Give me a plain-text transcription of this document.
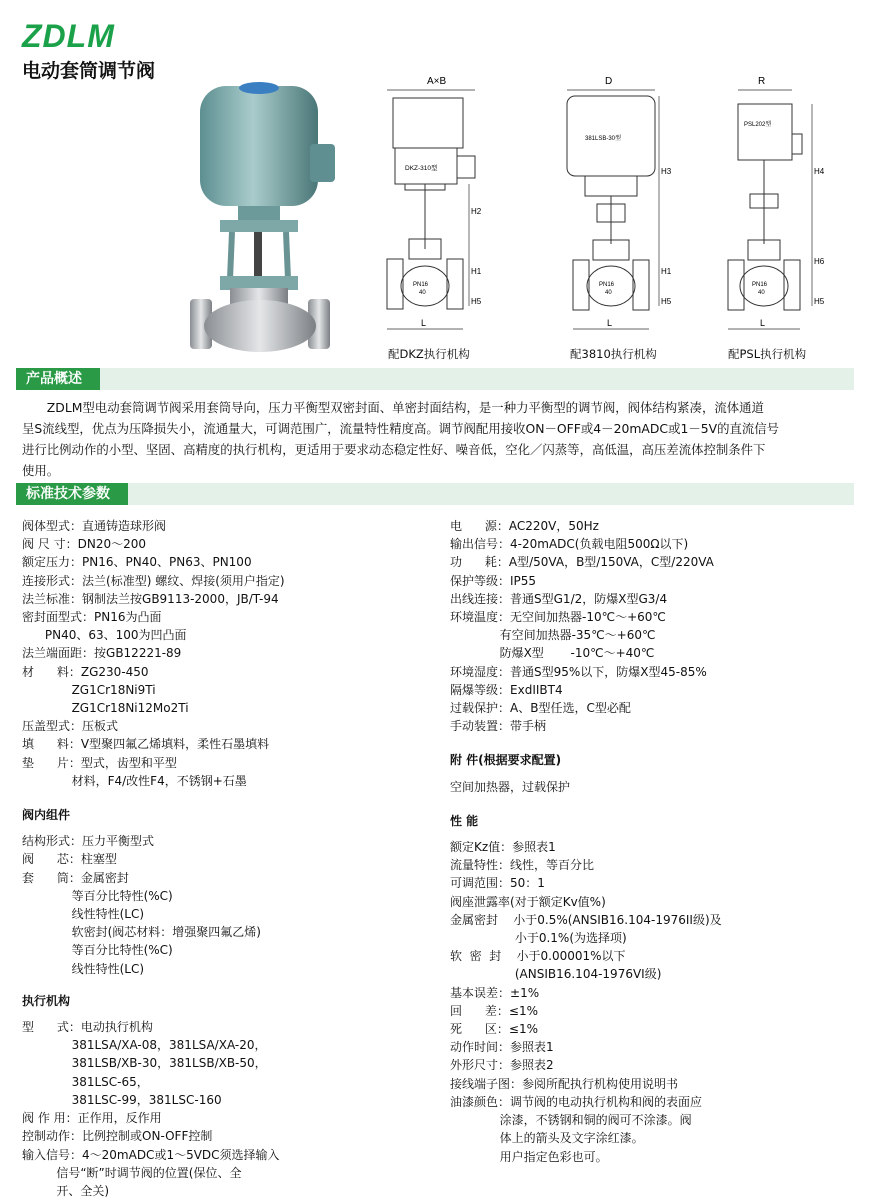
ZDLM
电动套筒调节阀	A×B
DKZ-310型
PN16
40
H2
H1
H5
L
配DKZ执行机构
D
381LSB-30型
PN16
40
H3
H1
H5
L
配3810执行机构
R
PSL202型
PN16
40
H4
H6
H5
L
配PSL执行机构
产品概述

ZDLM型电动套筒调节阀采用套筒导向，压力平衡型双密封面、单密封面结构，是一种力平衡型的调节阀，阀体结构紧凑，流体通道

呈S流线型，优点为压降损失小，流通量大，可调范围广，流量特性精度高。调节阀配用接收ON－OFF或4－20mADC或1－5V的直流信号

进行比例动作的小型、坚固、高精度的执行机构，更适用于要求动态稳定性好、噪音低，空化／闪蒸等，高低温，高压差流体控制条件下

使用。

标准技术参数
阀体型式： 直通铸造球形阀
阀 尺 寸： DN20～200
额定压力： PN16、PN40、PN63、PN100
连接形式： 法兰(标准型) 螺纹、焊接(须用户指定)
法兰标准： 钢制法兰按GB9113-2000，JB/T-94
密封面型式： PN16为凸面
PN40、63、100为凹凸面
法兰端面距： 按GB12221-89
材      料： ZG230-450
ZG1Cr18Ni9Ti
ZG1Cr18Ni12Mo2Ti
压盖型式： 压板式
填      料： V型聚四氟乙烯填料，柔性石墨填料
垫      片： 型式，齿型和平型
材料，F4/改性F4，不锈钢+石墨
阀内组件
结构形式： 压力平衡型式
阀      芯： 柱塞型
套      筒： 金属密封
等百分比特性(%C)
线性特性(LC)
软密封(阀芯材料：增强聚四氟乙烯)
等百分比特性(%C)
线性特性(LC)
执行机构
型      式： 电动执行机构
381LSA/XA-08，381LSA/XA-20，
381LSB/XB-30，381LSB/XB-50，
381LSC-65，
381LSC-99，381LSC-160
阀 作 用： 正作用，反作用
控制动作： 比例控制或ON-OFF控制
输入信号： 4～20mADC或1～5VDC须选择输入
信号“断”时调节阀的位置(保位、全
开、全关)
电      源： AC220V，50Hz
输出信号： 4-20mADC(负载电阻500Ω以下)
功      耗： A型/50VA，B型/150VA，C型/220VA
保护等级： IP55
出线连接： 普通S型G1/2，防爆X型G3/4
环境温度： 无空间加热器-10℃～+60℃
有空间加热器-35℃～+60℃
防爆X型       -10℃～+40℃
环境湿度： 普通S型95%以下，防爆X型45-85%
隔爆等级： ExdIIBT4
过载保护： A、B型任选，C型必配
手动装置： 带手柄
附 件(根据要求配置)
空间加热器，过载保护
性 能
额定Kz值： 参照表1
流量特性： 线性，等百分比
可调范围： 50：1
阀座泄露率 (对于额定Kv值%)
金属密封 小于0.5%(ANSIB16.104-1976II级)及
小于0.1%(为选择项)
软  密  封 小于0.00001%以下
(ANSIB16.104-1976VI级)
基本误差： ±1%
回      差： ≤1%
死      区： ≤1%
动作时间： 参照表1
外形尺寸： 参照表2
接线端子图： 参阅所配执行机构使用说明书
油漆颜色： 调节阀的电动执行机构和阀的表面应
涂漆，不锈钢和铜的阀可不涂漆。阀
体上的箭头及文字涂红漆。
用户指定色彩也可。
